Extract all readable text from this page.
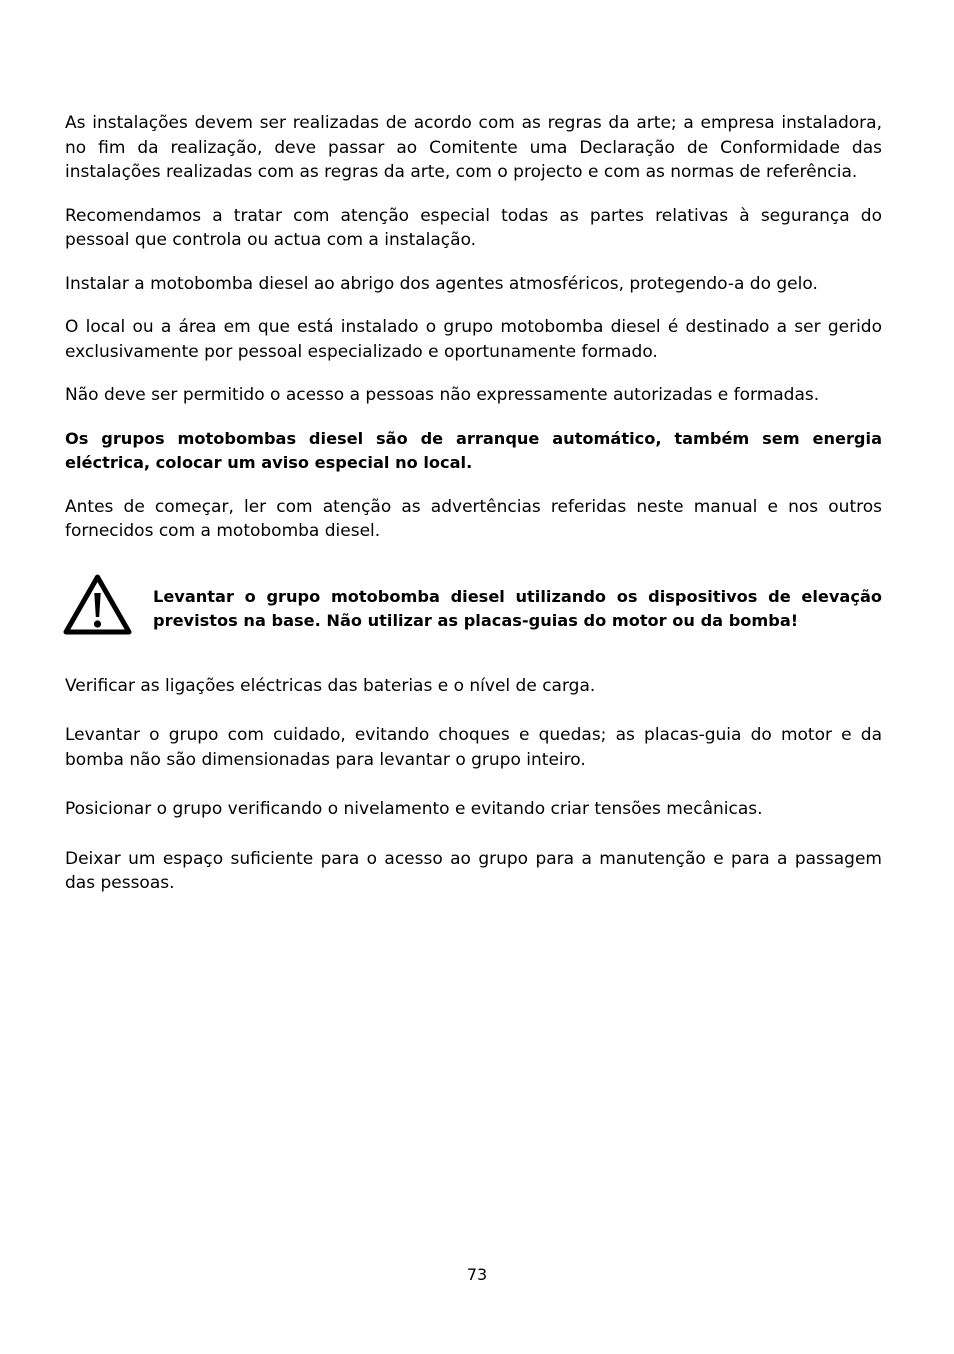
As instalações devem ser realizadas de acordo com as regras da arte; a empresa instaladora, no fim da realização, deve passar ao Comitente uma Declaração de Conformidade das instalações realizadas com as regras da arte, com o projecto e com as normas de referência.

Recomendamos a tratar com atenção especial todas as partes relativas à segurança do pessoal que controla ou actua com a instalação.

Instalar a motobomba diesel ao abrigo dos agentes atmosféricos, protegendo-a do gelo.

O local ou a área em que está instalado o grupo motobomba diesel é destinado a ser gerido exclusivamente por pessoal especializado e oportunamente formado.

Não deve ser permitido o acesso a pessoas não expressamente autorizadas e formadas.

Os grupos motobombas diesel são de arranque automático, também sem energia eléctrica, colocar um aviso especial no local.

Antes de começar, ler com atenção as advertências referidas neste manual e nos outros fornecidos com a motobomba diesel.

Levantar o grupo motobomba diesel utilizando os dispositivos de elevação previstos na base. Não utilizar as placas-guias do motor ou da bomba!

Verificar as ligações eléctricas das baterias e o nível de carga.

Levantar o grupo com cuidado, evitando choques e quedas; as placas-guia do motor e da bomba não são dimensionadas para levantar o grupo inteiro.

Posicionar o grupo verificando o nivelamento e evitando criar tensões mecânicas.

Deixar um espaço suficiente para o acesso ao grupo para a manutenção e para a passagem das pessoas.

73
